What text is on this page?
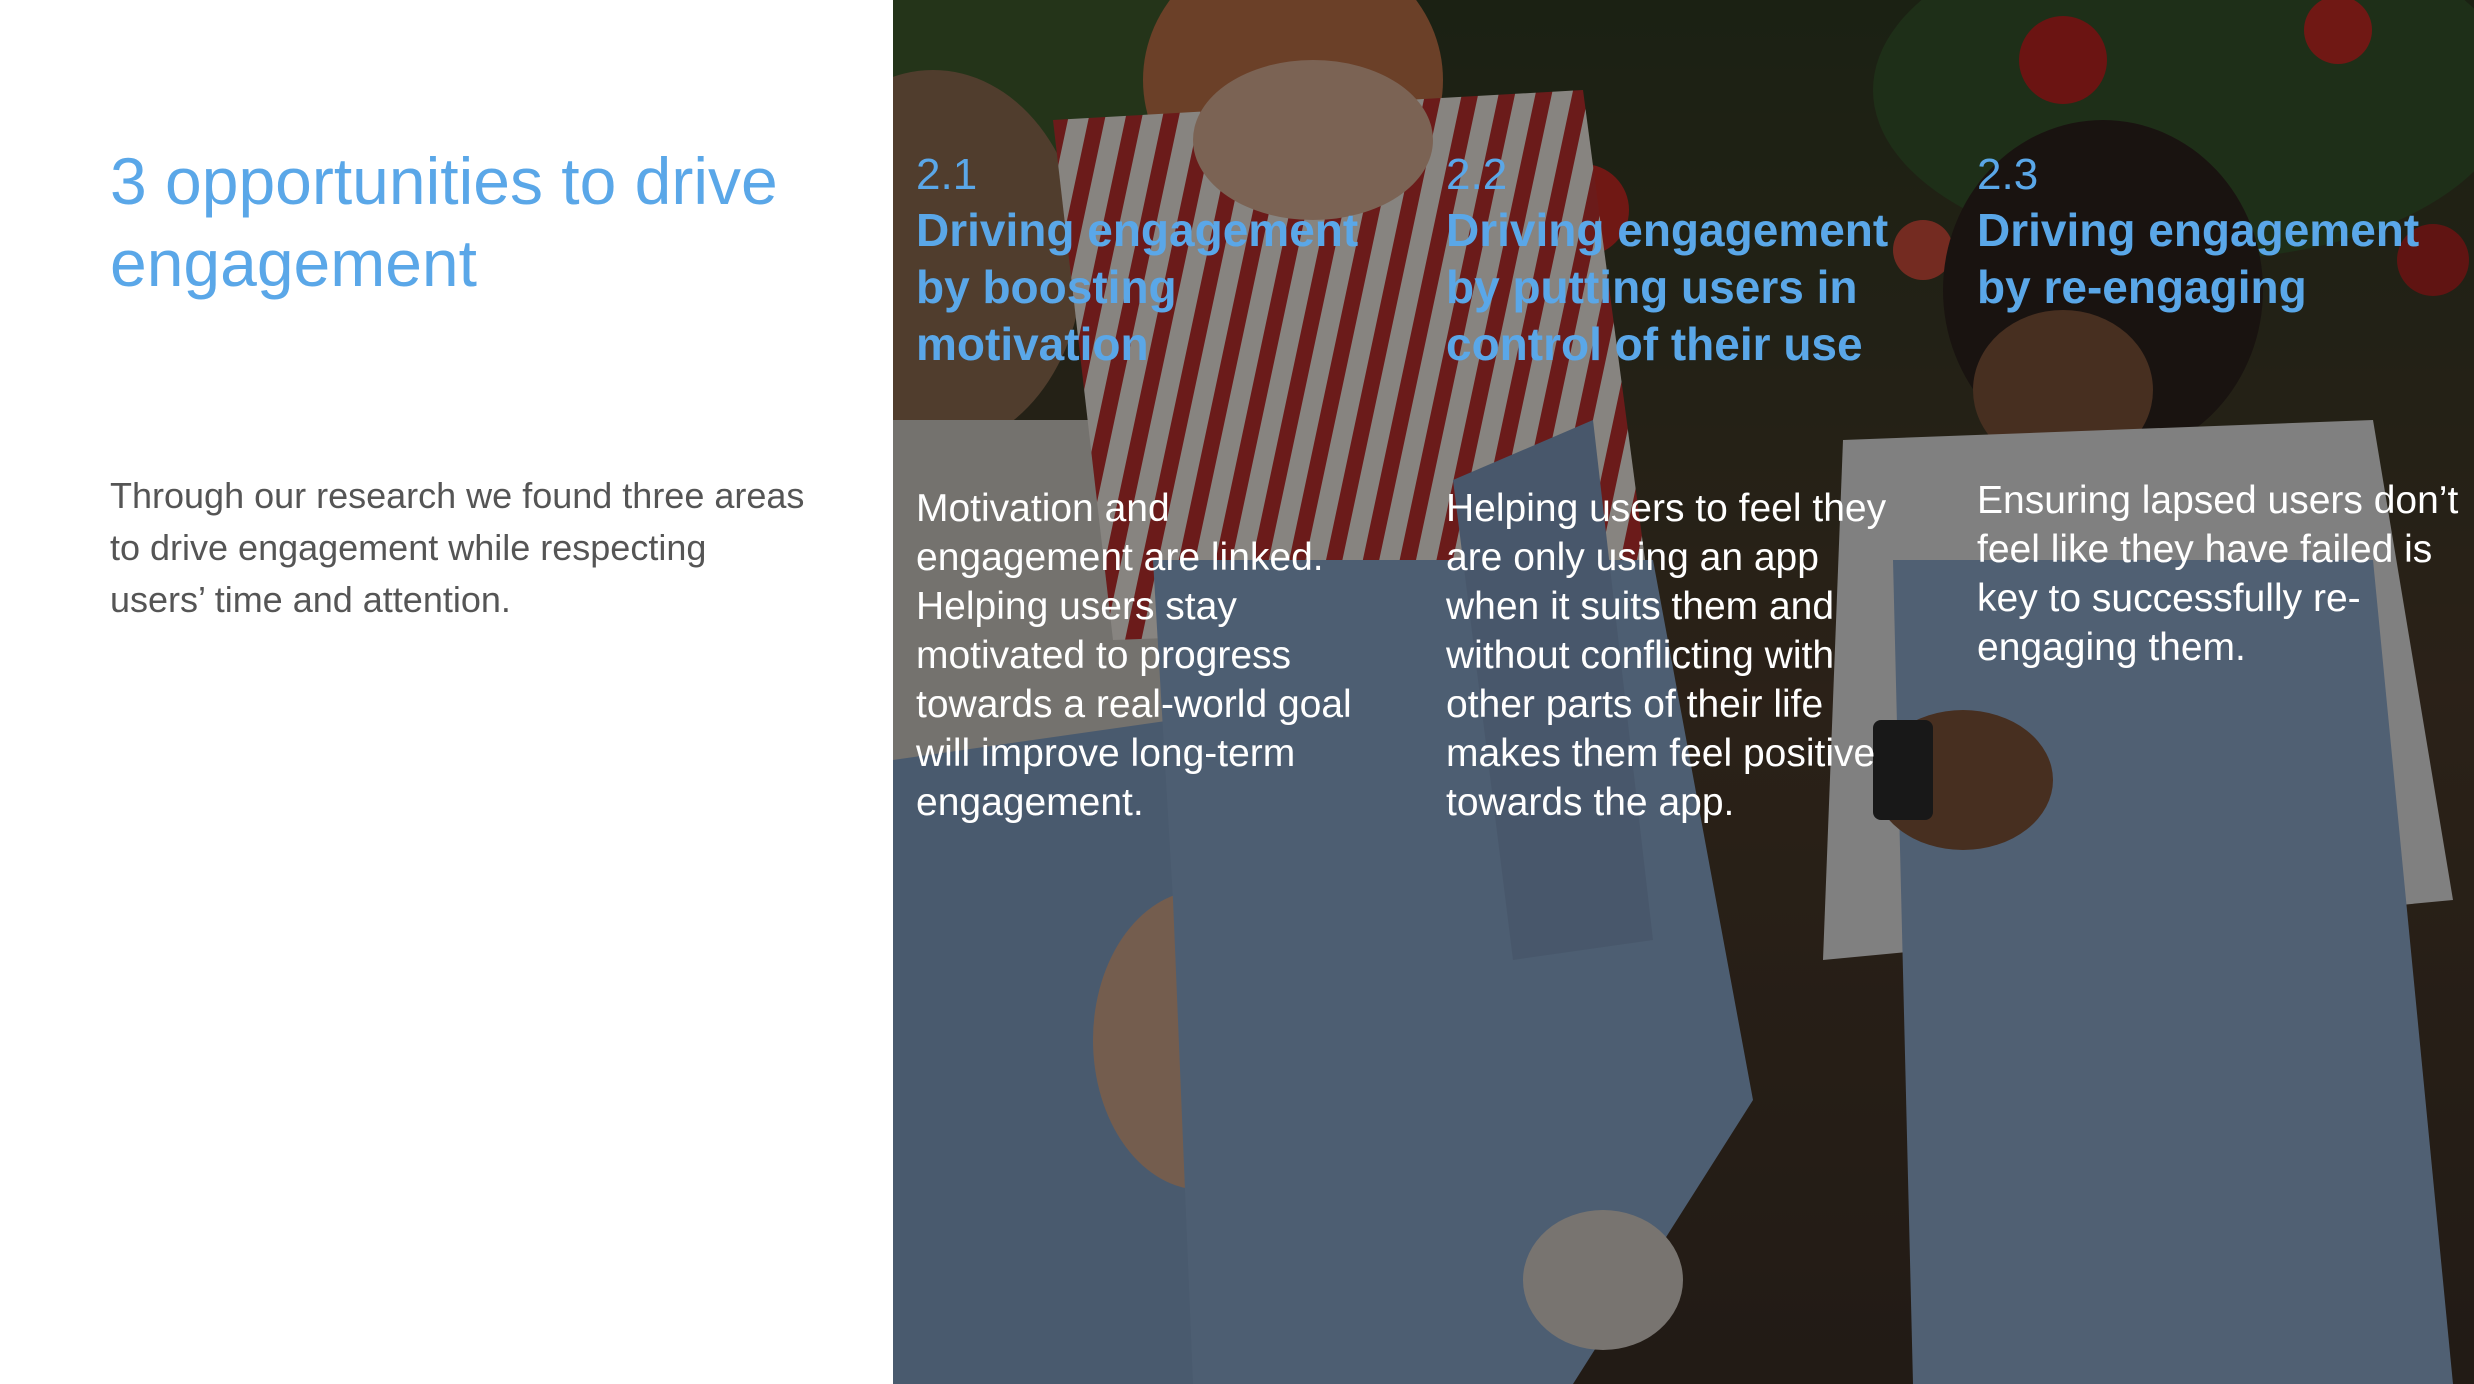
3 opportunities to drive engagement

Through our research we found three areas to drive engagement while respecting users’ time and attention.

2.1
Driving engagement by boosting motivation
Motivation and engagement are linked. Helping users stay motivated to progress towards a real-world goal will improve long-term engagement.
2.2
Driving engagement by putting users in control of their use
Helping users to feel they are only using an app when it suits them and without conflicting with other parts of their life makes them feel positive towards the app.
2.3
Driving engagement by re-engaging
Ensuring lapsed users don’t feel like they have failed is key to successfully re-engaging them.
